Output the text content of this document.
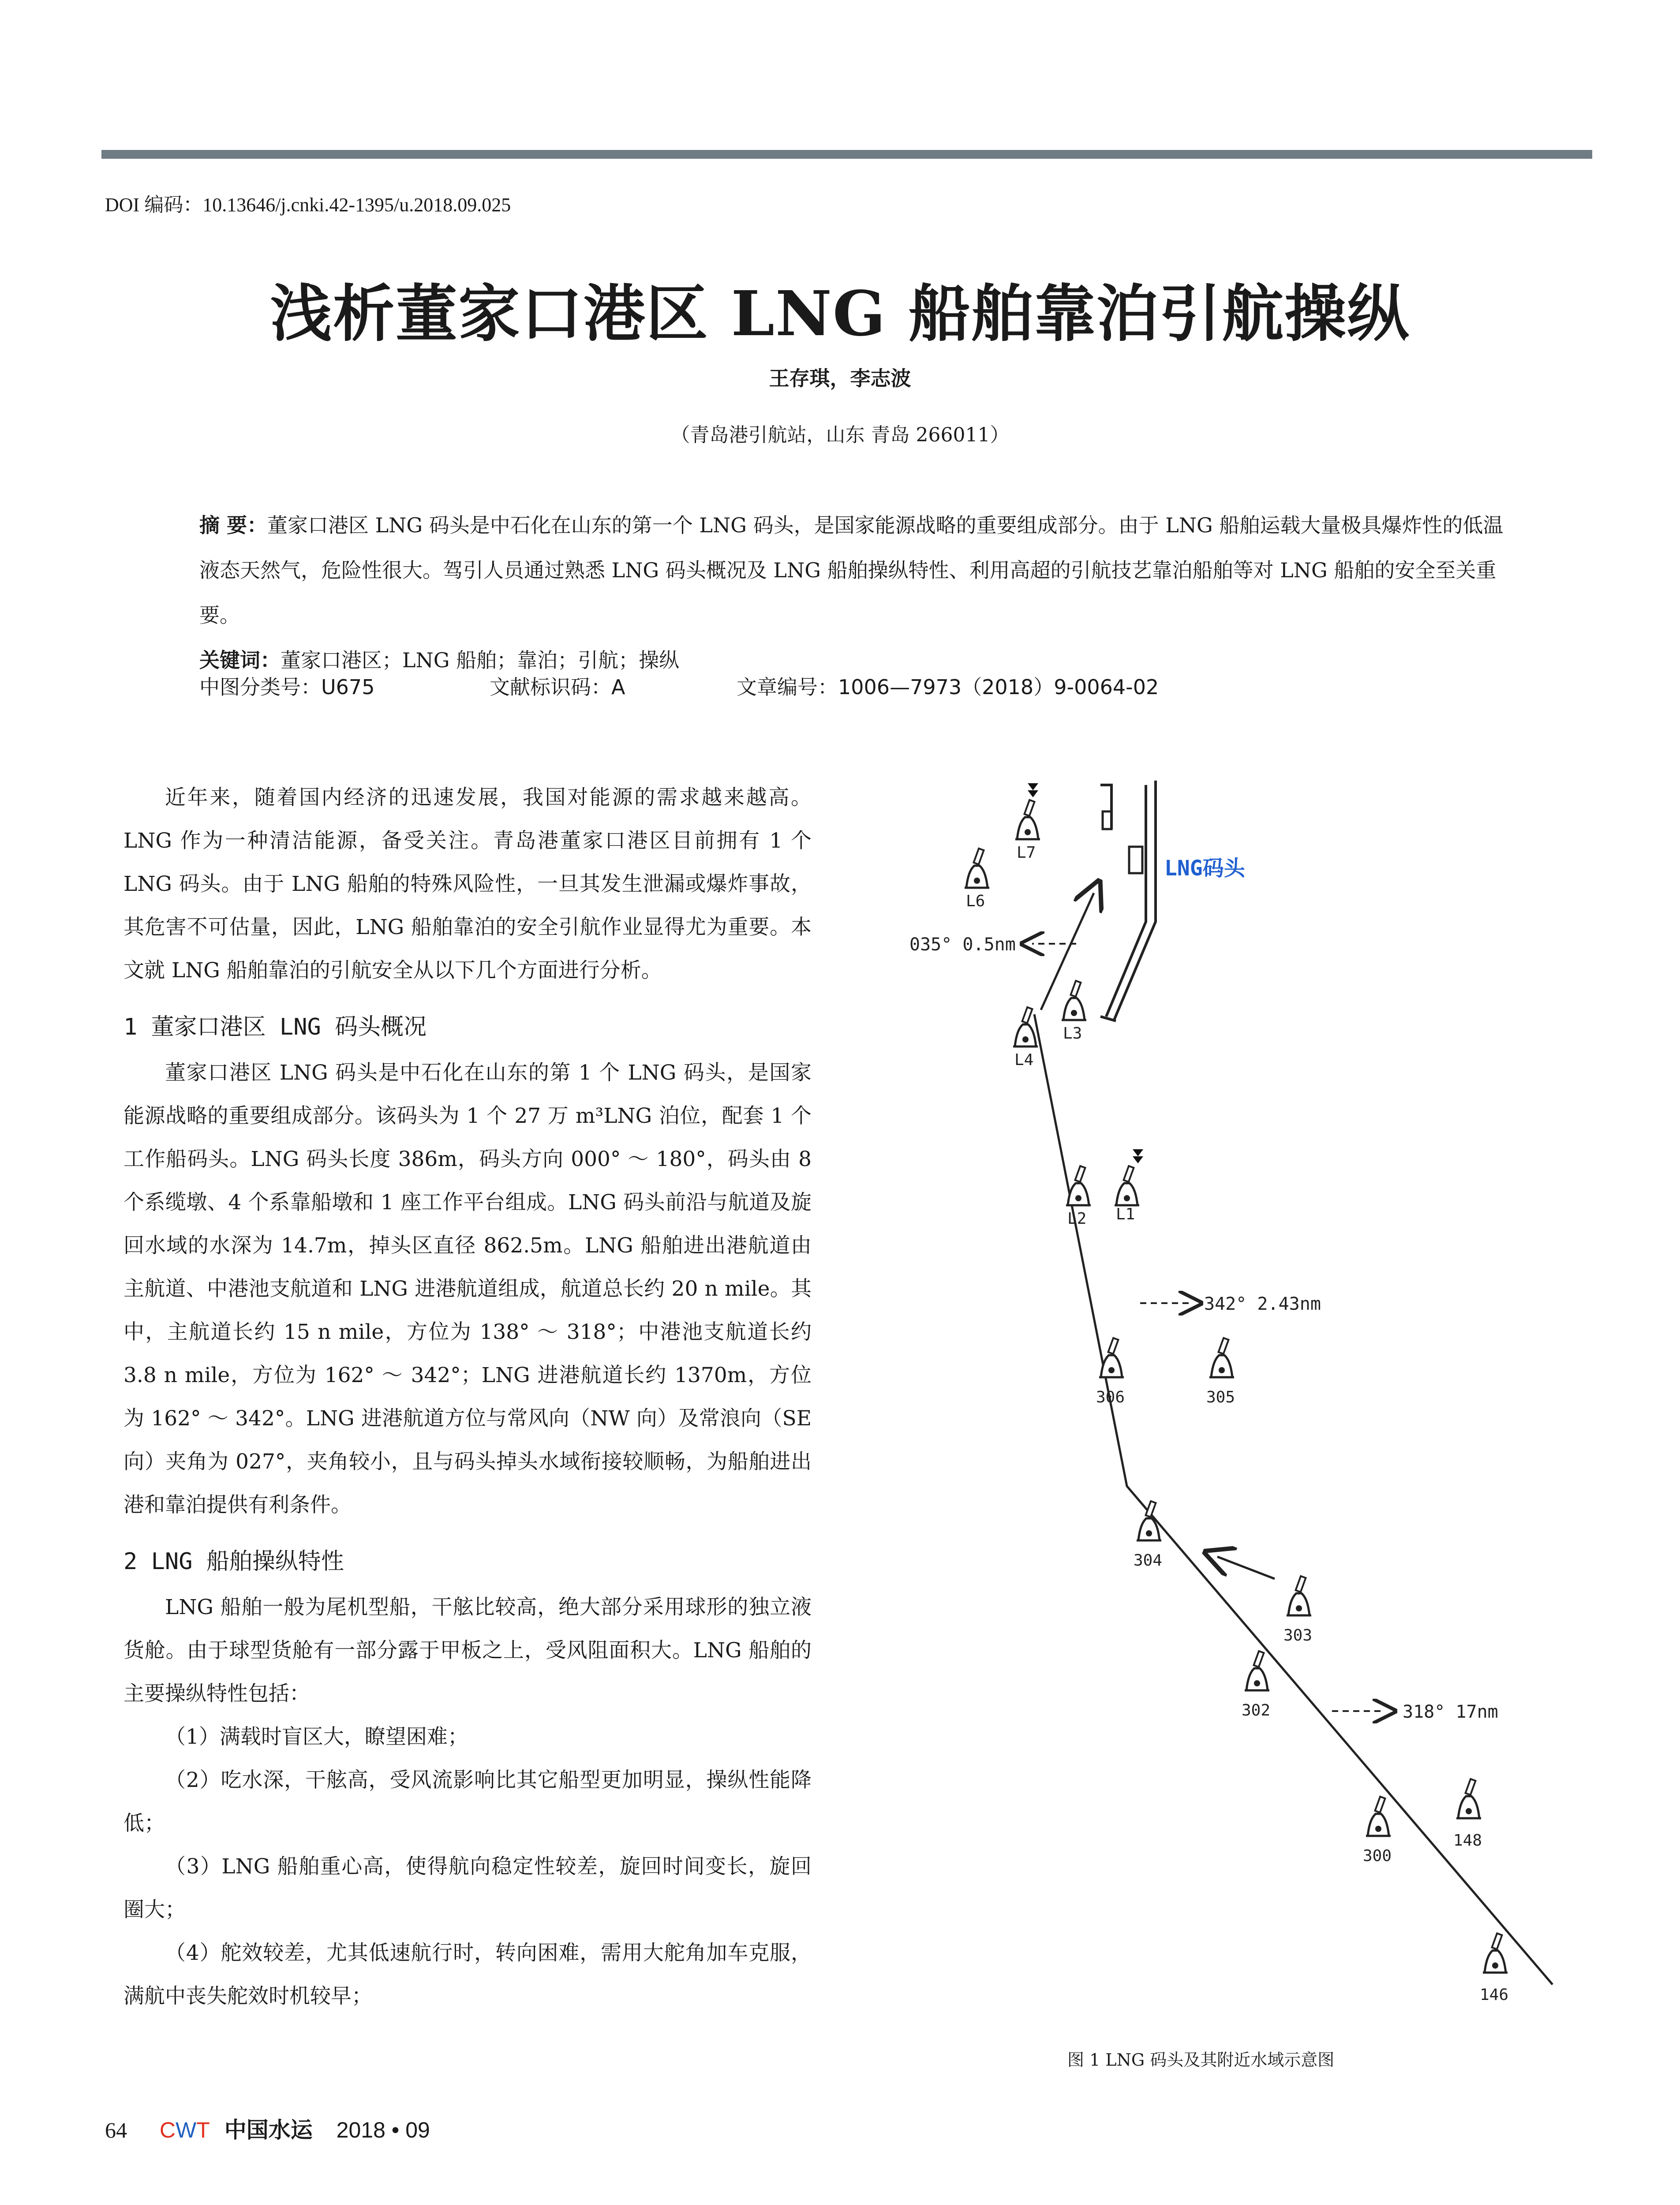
DOI 编码：10.13646/j.cnki.42-1395/u.2018.09.025
浅析董家口港区 LNG 船舶靠泊引航操纵
王存琪，李志波
（青岛港引航站，山东 青岛 266011）
摘 要：董家口港区 LNG 码头是中石化在山东的第一个 LNG 码头，是国家能源战略的重要组成部分。由于 LNG 船舶运载大量极具爆炸性的低温液态天然气，危险性很大。驾引人员通过熟悉 LNG 码头概况及 LNG 船舶操纵特性、利用高超的引航技艺靠泊船舶等对 LNG 船舶的安全至关重要。
关键词：董家口港区；LNG 船舶；靠泊；引航；操纵
中图分类号：U675	文献标识码：A	文章编号：1006—7973（2018）9-0064-02

近年来，随着国内经济的迅速发展，我国对能源的需求越来越高。LNG 作为一种清洁能源，备受关注。青岛港董家口港区目前拥有 1 个 LNG 码头。由于 LNG 船舶的特殊风险性，一旦其发生泄漏或爆炸事故，其危害不可估量，因此，LNG 船舶靠泊的安全引航作业显得尤为重要。本文就 LNG 船舶靠泊的引航安全从以下几个方面进行分析。

1 董家口港区 LNG 码头概况

董家口港区 LNG 码头是中石化在山东的第 1 个 LNG 码头，是国家能源战略的重要组成部分。该码头为 1 个 27 万 m³LNG 泊位，配套 1 个工作船码头。LNG 码头长度 386m，码头方向 000° ～ 180°，码头由 8 个系缆墩、4 个系靠船墩和 1 座工作平台组成。LNG 码头前沿与航道及旋回水域的水深为 14.7m，掉头区直径 862.5m。LNG 船舶进出港航道由主航道、中港池支航道和 LNG 进港航道组成，航道总长约 20 n mile。其中，主航道长约 15 n mile，方位为 138° ～ 318°；中港池支航道长约 3.8 n mile，方位为 162° ～ 342°；LNG 进港航道长约 1370m，方位为 162° ～ 342°。LNG 进港航道方位与常风向（NW 向）及常浪向（SE 向）夹角为 027°，夹角较小，且与码头掉头水域衔接较顺畅，为船舶进出港和靠泊提供有利条件。

2 LNG 船舶操纵特性

LNG 船舶一般为尾机型船，干舷比较高，绝大部分采用球形的独立液货舱。由于球型货舱有一部分露于甲板之上，受风阻面积大。LNG 船舶的主要操纵特性包括：

（1）满载时盲区大，瞭望困难；

（2）吃水深，干舷高，受风流影响比其它船型更加明显，操纵性能降低；

（3）LNG 船舶重心高，使得航向稳定性较差，旋回时间变长，旋回圈大；

（4）舵效较差，尤其低速航行时，转向困难，需用大舵角加车克服，满航中丧失舵效时机较早；

LNG码头
035° 0.5nm
342° 2.43nm
318° 17nm
L7
L6
L3
L4
L2 L1
306	305
304
303
302
300
148
146
图 1 LNG 码头及其附近水域示意图
64 CWT 中国水运 2018 • 09
